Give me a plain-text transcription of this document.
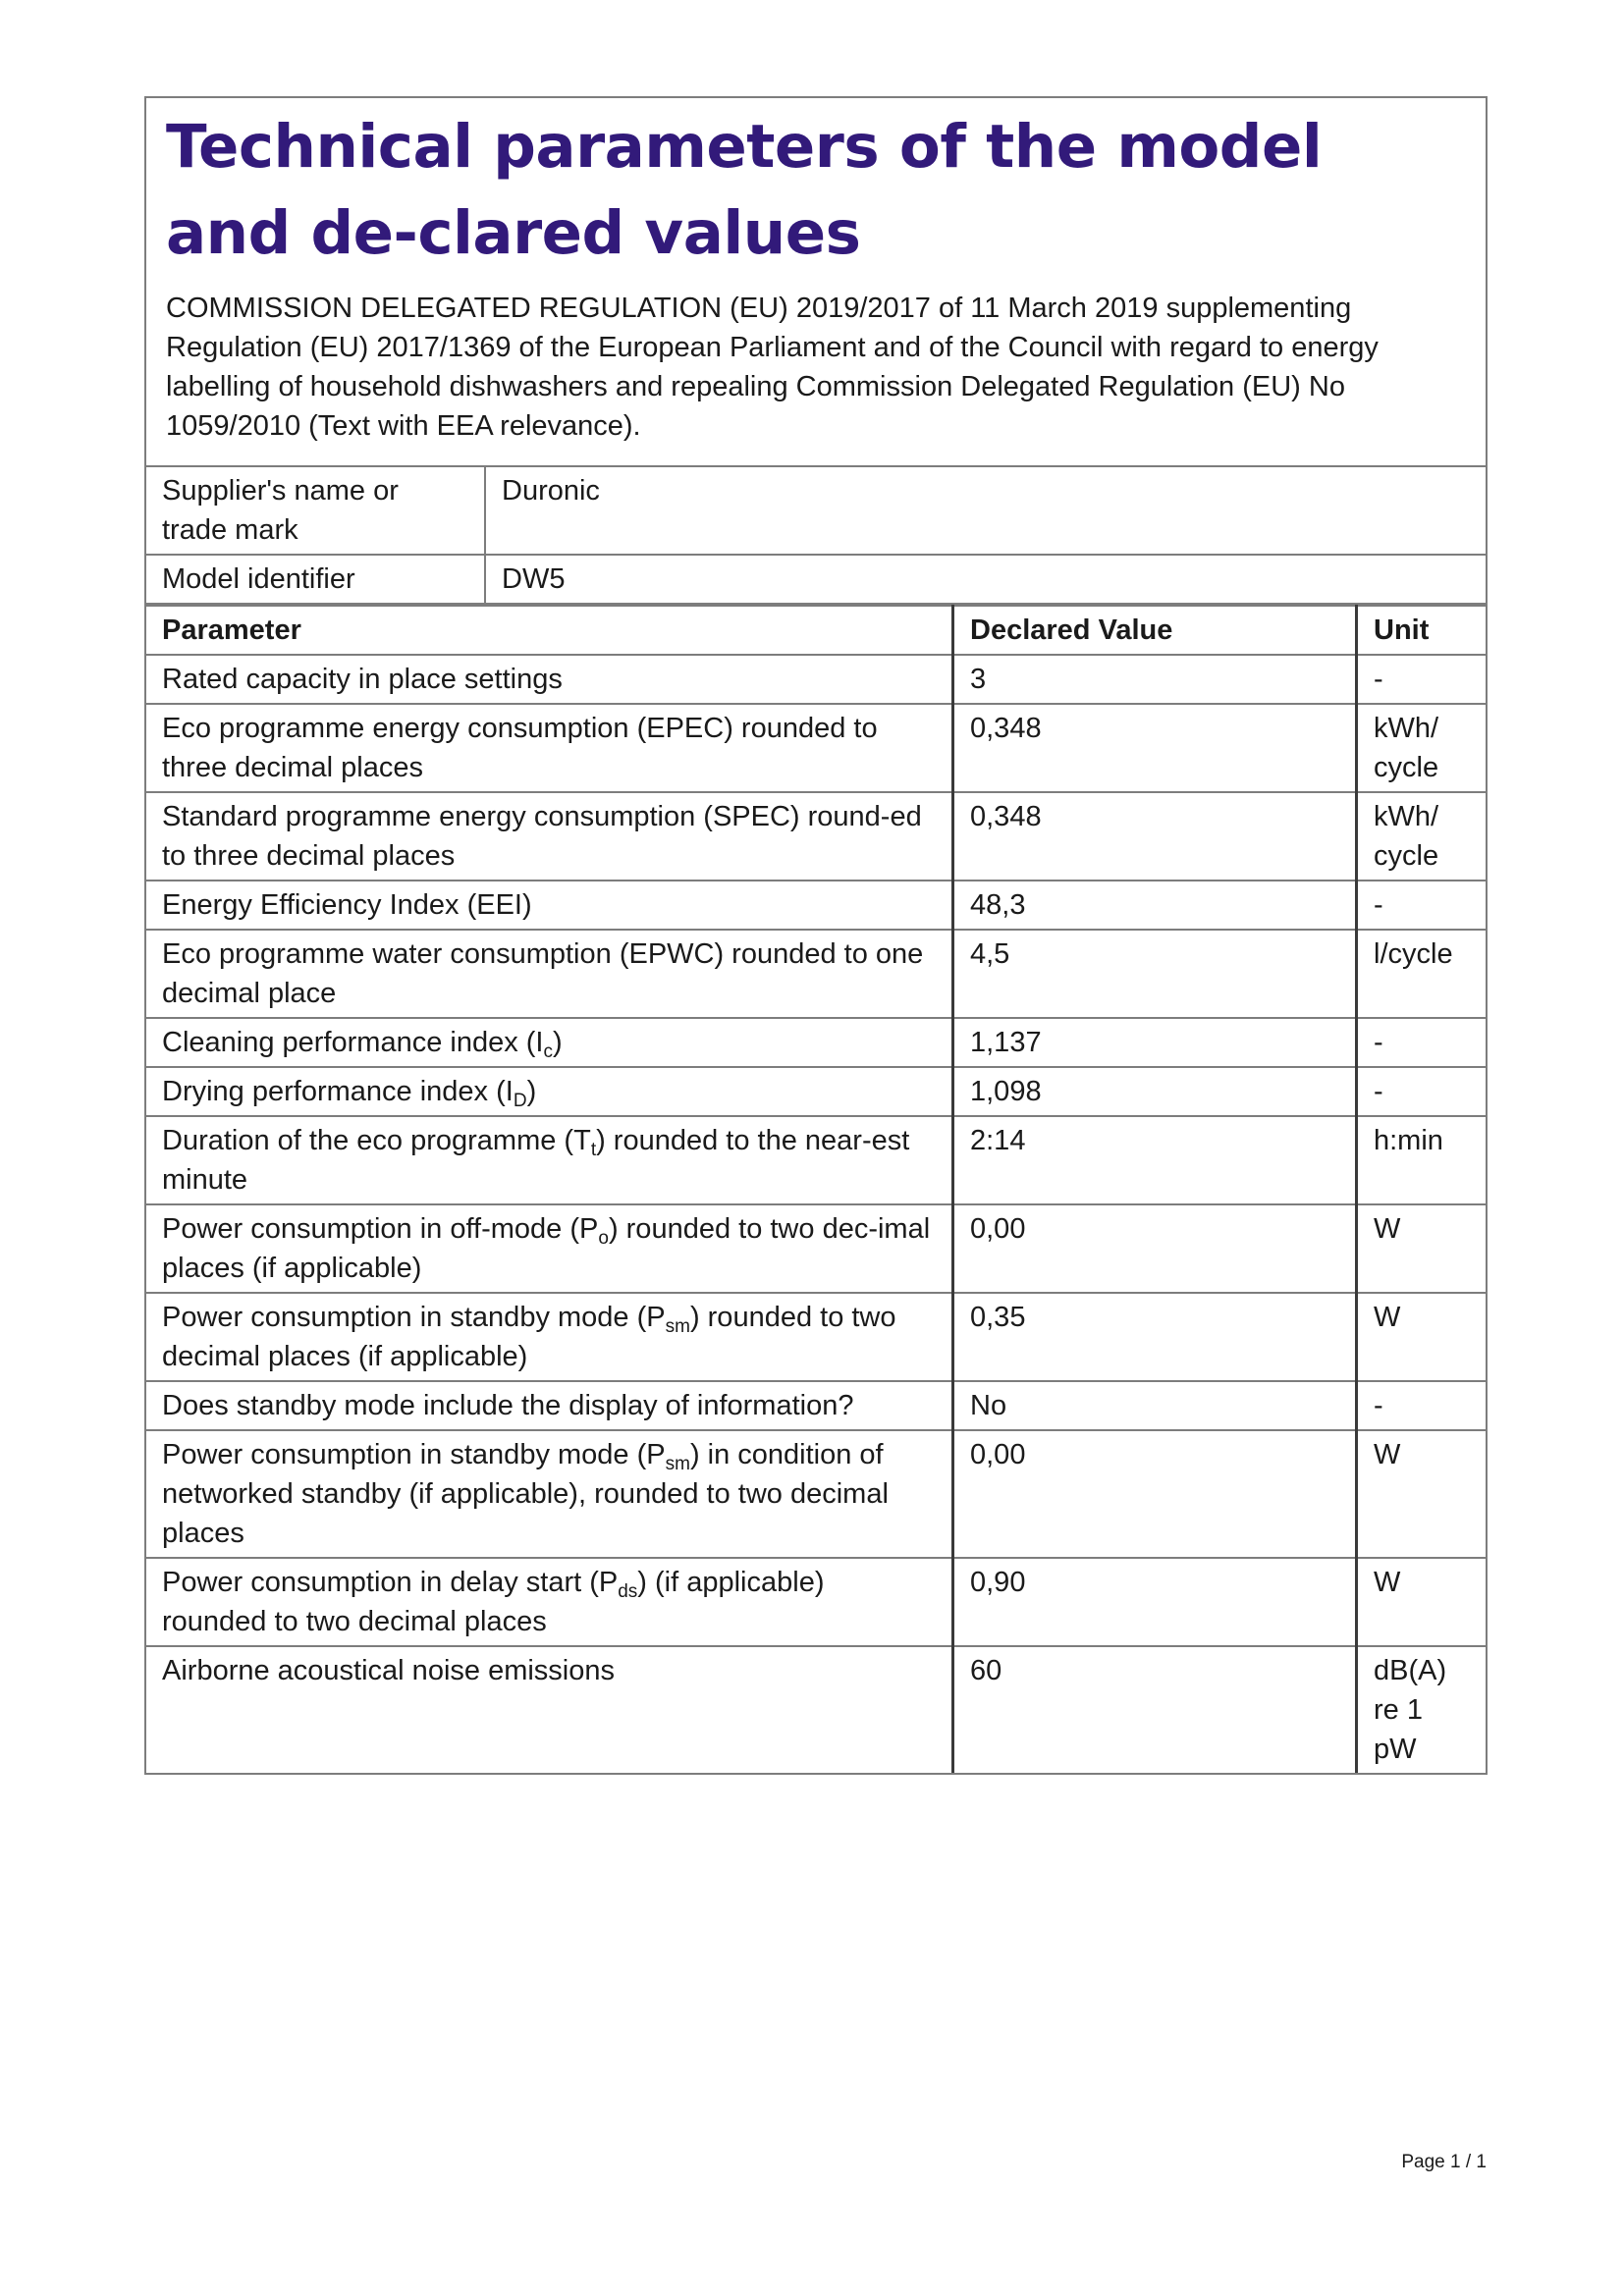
Technical parameters of the model and de-clared values

COMMISSION DELEGATED REGULATION (EU) 2019/2017 of 11 March 2019 supplementing Regulation (EU) 2017/1369 of the European Parliament and of the Council with regard to energy labelling of household dishwashers and repealing Commission Delegated Regulation (EU) No 1059/2010 (Text with EEA relevance).

Supplier's name or trade mark	Duronic
Model identifier	DW5
Parameter	Declared Value	Unit
Rated capacity in place settings	3	-
Eco programme energy consumption (EPEC) rounded to three decimal places	0,348	kWh/ cycle
Standard programme energy consumption (SPEC) round-ed to three decimal places	0,348	kWh/ cycle
Energy Efficiency Index (EEI)	48,3	-
Eco programme water consumption (EPWC) rounded to one decimal place	4,5	l/cycle
Cleaning performance index $(I_c)$	1,137	-
Drying performance index $(I_D)$	1,098	-
Duration of the eco programme $(T_t)$ rounded to the near-est minute	2:14	h:min
Power consumption in off-mode $(P_o)$ rounded to two dec-imal places (if applicable)	0,00	W
Power consumption in standby mode $(P_{sm})$ rounded to two decimal places (if applicable)	0,35	W
Does standby mode include the display of information?	No	-
Power consumption in standby mode $(P_{sm})$ in condition of networked standby (if applicable), rounded to two decimal places	0,00	W
Power consumption in delay start $(P_{ds})$ (if applicable) rounded to two decimal places	0,90	W
Airborne acoustical noise emissions	60	dB(A) re 1 pW
Page 1 / 1
